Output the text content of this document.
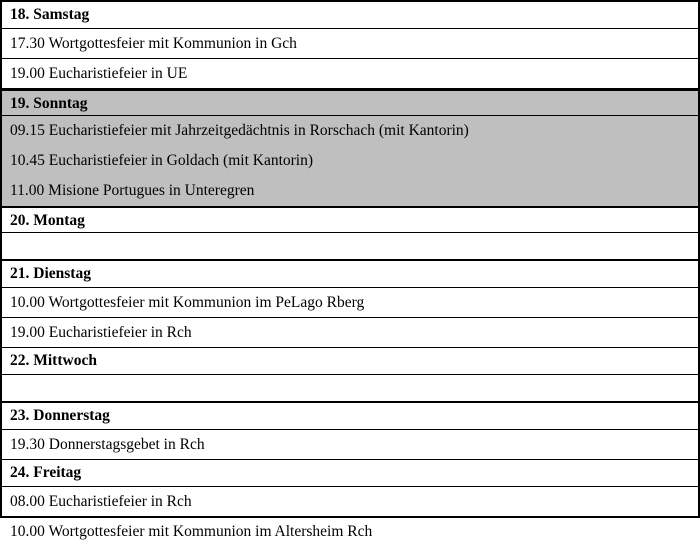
18. Samstag
17.30 Wortgottesfeier mit Kommunion in Gch
19.00 Eucharistiefeier in UE
19. Sonntag
09.15 Eucharistiefeier mit Jahrzeitgedächtnis in Rorschach (mit Kantorin)
10.45 Eucharistiefeier in Goldach (mit Kantorin)
11.00 Misione Portugues in Unteregren
20. Montag
21. Dienstag
10.00 Wortgottesfeier mit Kommunion im PeLago Rberg
19.00 Eucharistiefeier in Rch
22. Mittwoch
23. Donnerstag
19.30 Donnerstagsgebet in Rch
24. Freitag
08.00 Eucharistiefeier in Rch
10.00 Wortgottesfeier mit Kommunion im Altersheim Rch
